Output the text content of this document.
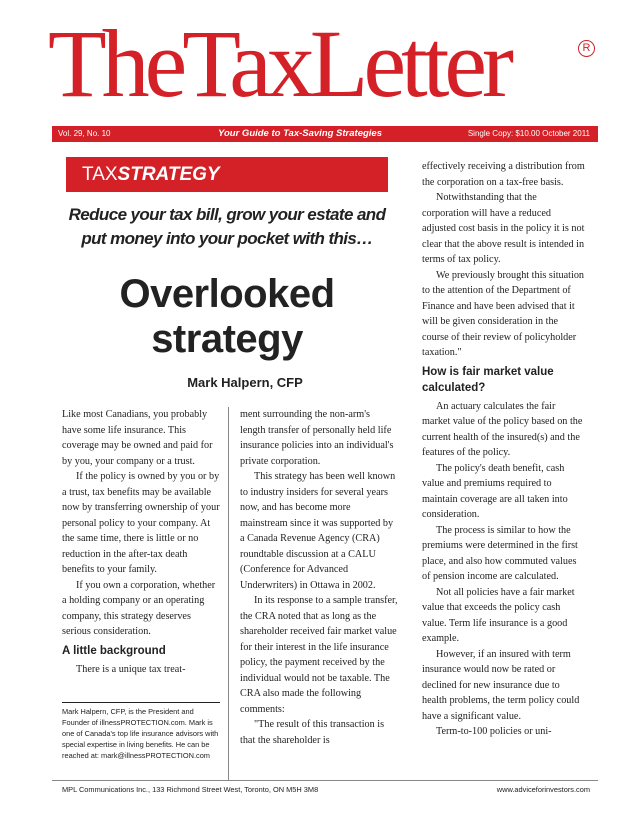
TheTaxLetter	R
Vol. 29, No. 10	Your Guide to Tax-Saving Strategies	Single Copy: $10.00 October 2011
TAXSTRATEGY
Reduce your tax bill, grow your estate and put money into your pocket with this…
Overlooked strategy
Mark Halpern, CFP

Like most Canadians, you probably have some life insurance. This coverage may be owned and paid for by you, your company or a trust.

If the policy is owned by you or by a trust, tax benefits may be available now by transferring ownership of your personal policy to your company. At the same time, there is little or no reduction in the after-tax death benefits to your family.

If you own a corporation, whether a holding company or an operating company, this strategy deserves serious consideration.

A little background

There is a unique tax treat-

Mark Halpern, CFP, is the President and Founder of illnessPROTECTION.com. Mark is one of Canada's top life insurance advisors with special expertise in living benefits. He can be reached at: mark@illnessPROTECTION.com

ment surrounding the non-arm's length transfer of personally held life insurance policies into an individual's private corporation.

This strategy has been well known to industry insiders for several years now, and has become more mainstream since it was supported by a Canada Revenue Agency (CRA) roundtable discussion at a CALU (Conference for Advanced Underwriters) in Ottawa in 2002.

In its response to a sample transfer, the CRA noted that as long as the shareholder received fair market value for their interest in the life insurance policy, the payment received by the individual would not be taxable. The CRA also made the following comments:

"The result of this transaction is that the shareholder is

effectively receiving a distribution from the corporation on a tax-free basis.

Notwithstanding that the corporation will have a reduced adjusted cost basis in the policy it is not clear that the above result is intended in terms of tax policy.

We previously brought this situation to the attention of the Department of Finance and have been advised that it will be given consideration in the course of their review of policyholder taxation."

How is fair market value calculated?

An actuary calculates the fair market value of the policy based on the current health of the insured(s) and the features of the policy.

The policy's death benefit, cash value and premiums required to maintain coverage are all taken into consideration.

The process is similar to how the premiums were determined in the first place, and also how commuted values of pension income are calculated.

Not all policies have a fair market value that exceeds the policy cash value. Term life insurance is a good example.

However, if an insured with term insurance would now be rated or declined for new insurance due to health problems, the term policy could have a significant value.

Term-to-100 policies or uni-

MPL Communications Inc., 133 Richmond Street West, Toronto, ON M5H 3M8	www.adviceforinvestors.com
